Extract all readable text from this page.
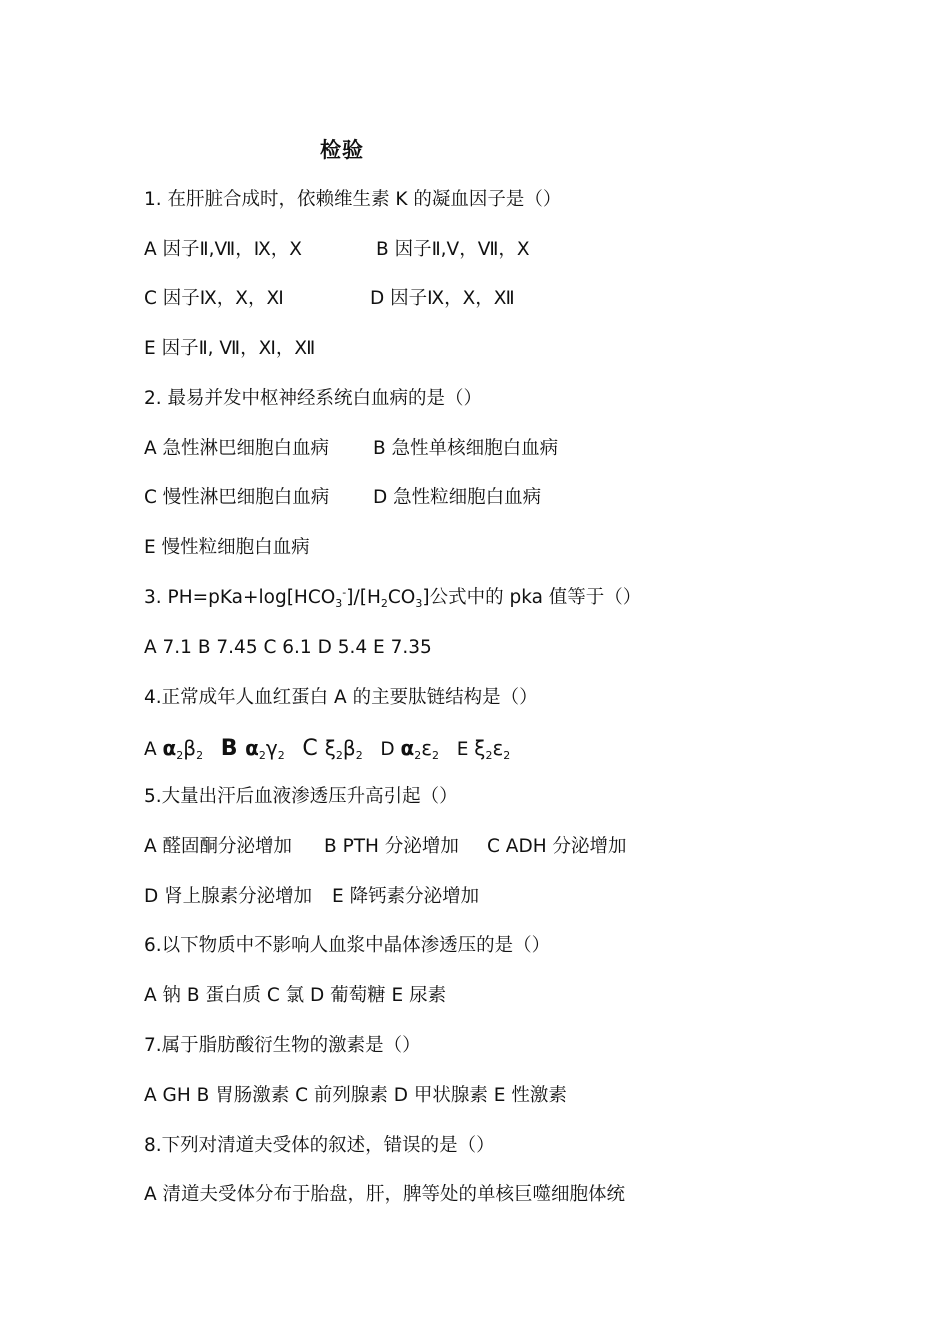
检验
1. 在肝脏合成时，依赖维生素 K 的凝血因子是（）
A 因子Ⅱ,Ⅶ，Ⅸ，Ⅹ	B 因子Ⅱ,Ⅴ，Ⅶ，Ⅹ
C 因子Ⅸ，Ⅹ，Ⅺ	D 因子Ⅸ，Ⅹ，Ⅻ
E 因子Ⅱ, Ⅶ，Ⅺ，Ⅻ
2. 最易并发中枢神经系统白血病的是（）
A 急性淋巴细胞白血病 B 急性单核细胞白血病
C 慢性淋巴细胞白血病 D 急性粒细胞白血病
E 慢性粒细胞白血病
3. $PH=pKa+\log[HCO_3^-]/[H_2CO_3]$公式中的 pka 值等于（）
A 7.1 B 7.45 C 6.1 D 5.4 E 7.35
4.正常成年人血红蛋白 A 的主要肽链结构是（）
A $\alpha_2\beta_2$ B $\alpha_2\gamma_2$ C $\xi_2\beta_2$ D $\alpha_2\varepsilon_2$ E $\xi_2\varepsilon_2$
5.大量出汗后血液渗透压升高引起（）
A 醛固酮分泌增加 B PTH 分泌增加 C ADH 分泌增加
D 肾上腺素分泌增加 E 降钙素分泌增加
6.以下物质中不影响人血浆中晶体渗透压的是（）
A 钠 B 蛋白质 C 氯 D 葡萄糖 E 尿素
7.属于脂肪酸衍生物的激素是（）
A GH B 胃肠激素 C 前列腺素 D 甲状腺素 E 性激素
8.下列对清道夫受体的叙述，错误的是（）
A 清道夫受体分布于胎盘，肝，脾等处的单核巨噬细胞体统
